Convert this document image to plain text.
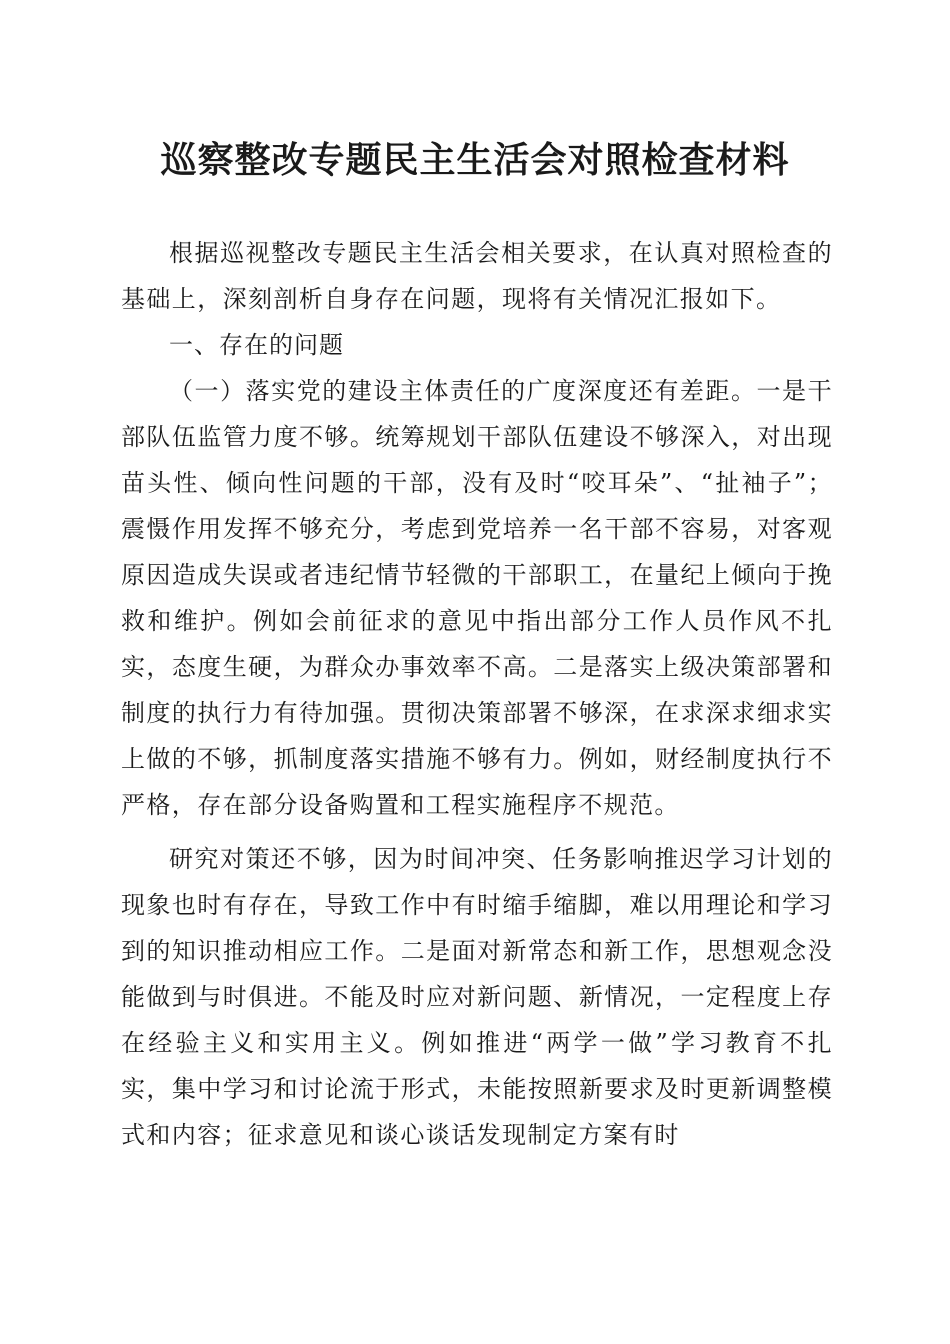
巡察整改专题民主生活会对照检查材料

根据巡视整改专题民主生活会相关要求，在认真对照检查的基础上，深刻剖析自身存在问题，现将有关情况汇报如下。

一、存在的问题

（一）落实党的建设主体责任的广度深度还有差距。一是干部队伍监管力度不够。统筹规划干部队伍建设不够深入，对出现苗头性、倾向性问题的干部，没有及时“咬耳朵”、“扯袖子”；震慑作用发挥不够充分，考虑到党培养一名干部不容易，对客观原因造成失误或者违纪情节轻微的干部职工，在量纪上倾向于挽救和维护。例如会前征求的意见中指出部分工作人员作风不扎实，态度生硬，为群众办事效率不高。二是落实上级决策部署和制度的执行力有待加强。贯彻决策部署不够深，在求深求细求实上做的不够，抓制度落实措施不够有力。例如，财经制度执行不严格，存在部分设备购置和工程实施程序不规范。

研究对策还不够，因为时间冲突、任务影响推迟学习计划的现象也时有存在，导致工作中有时缩手缩脚，难以用理论和学习到的知识推动相应工作。二是面对新常态和新工作，思想观念没能做到与时俱进。不能及时应对新问题、新情况，一定程度上存在经验主义和实用主义。例如推进“两学一做”学习教育不扎实，集中学习和讨论流于形式，未能按照新要求及时更新调整模式和内容；征求意见和谈心谈话发现制定方案有时
